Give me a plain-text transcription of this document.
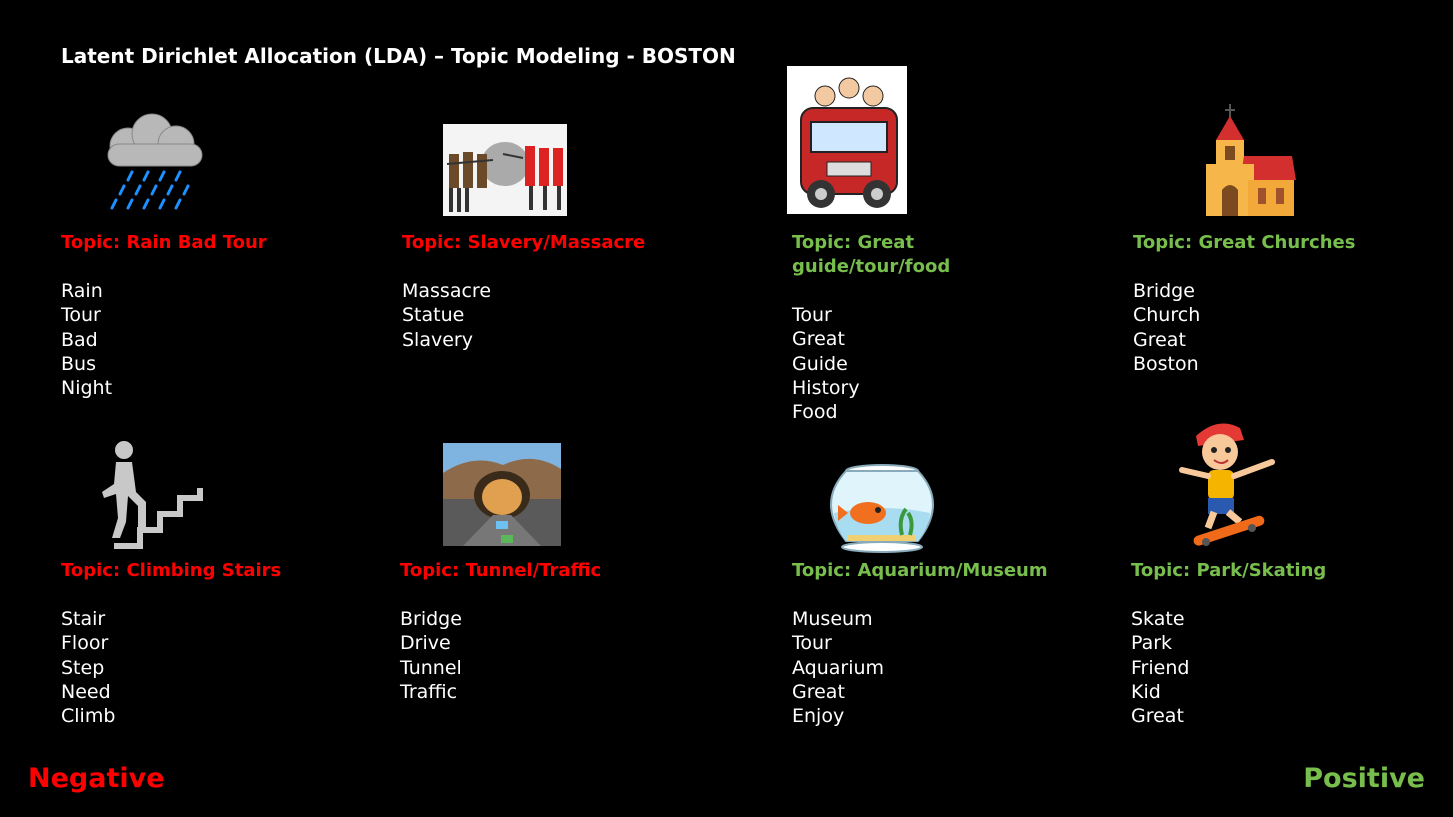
Latent Dirichlet Allocation (LDA) – Topic Modeling - BOSTON
Topic: Rain Bad Tour
Rain
Tour
Bad
Bus
Night
Topic: Slavery/Massacre
Massacre
Statue
Slavery
Topic: Great guide/tour/food
Tour
Great
Guide
History
Food
Topic: Great Churches
Bridge
Church
Great
Boston
Topic: Climbing Stairs
Stair
Floor
Step
Need
Climb
Topic: Tunnel/Traffic
Bridge
Drive
Tunnel
Traffic
Topic: Aquarium/Museum
Museum
Tour
Aquarium
Great
Enjoy
Topic: Park/Skating
Skate
Park
Friend
Kid
Great
Negative	Positive
